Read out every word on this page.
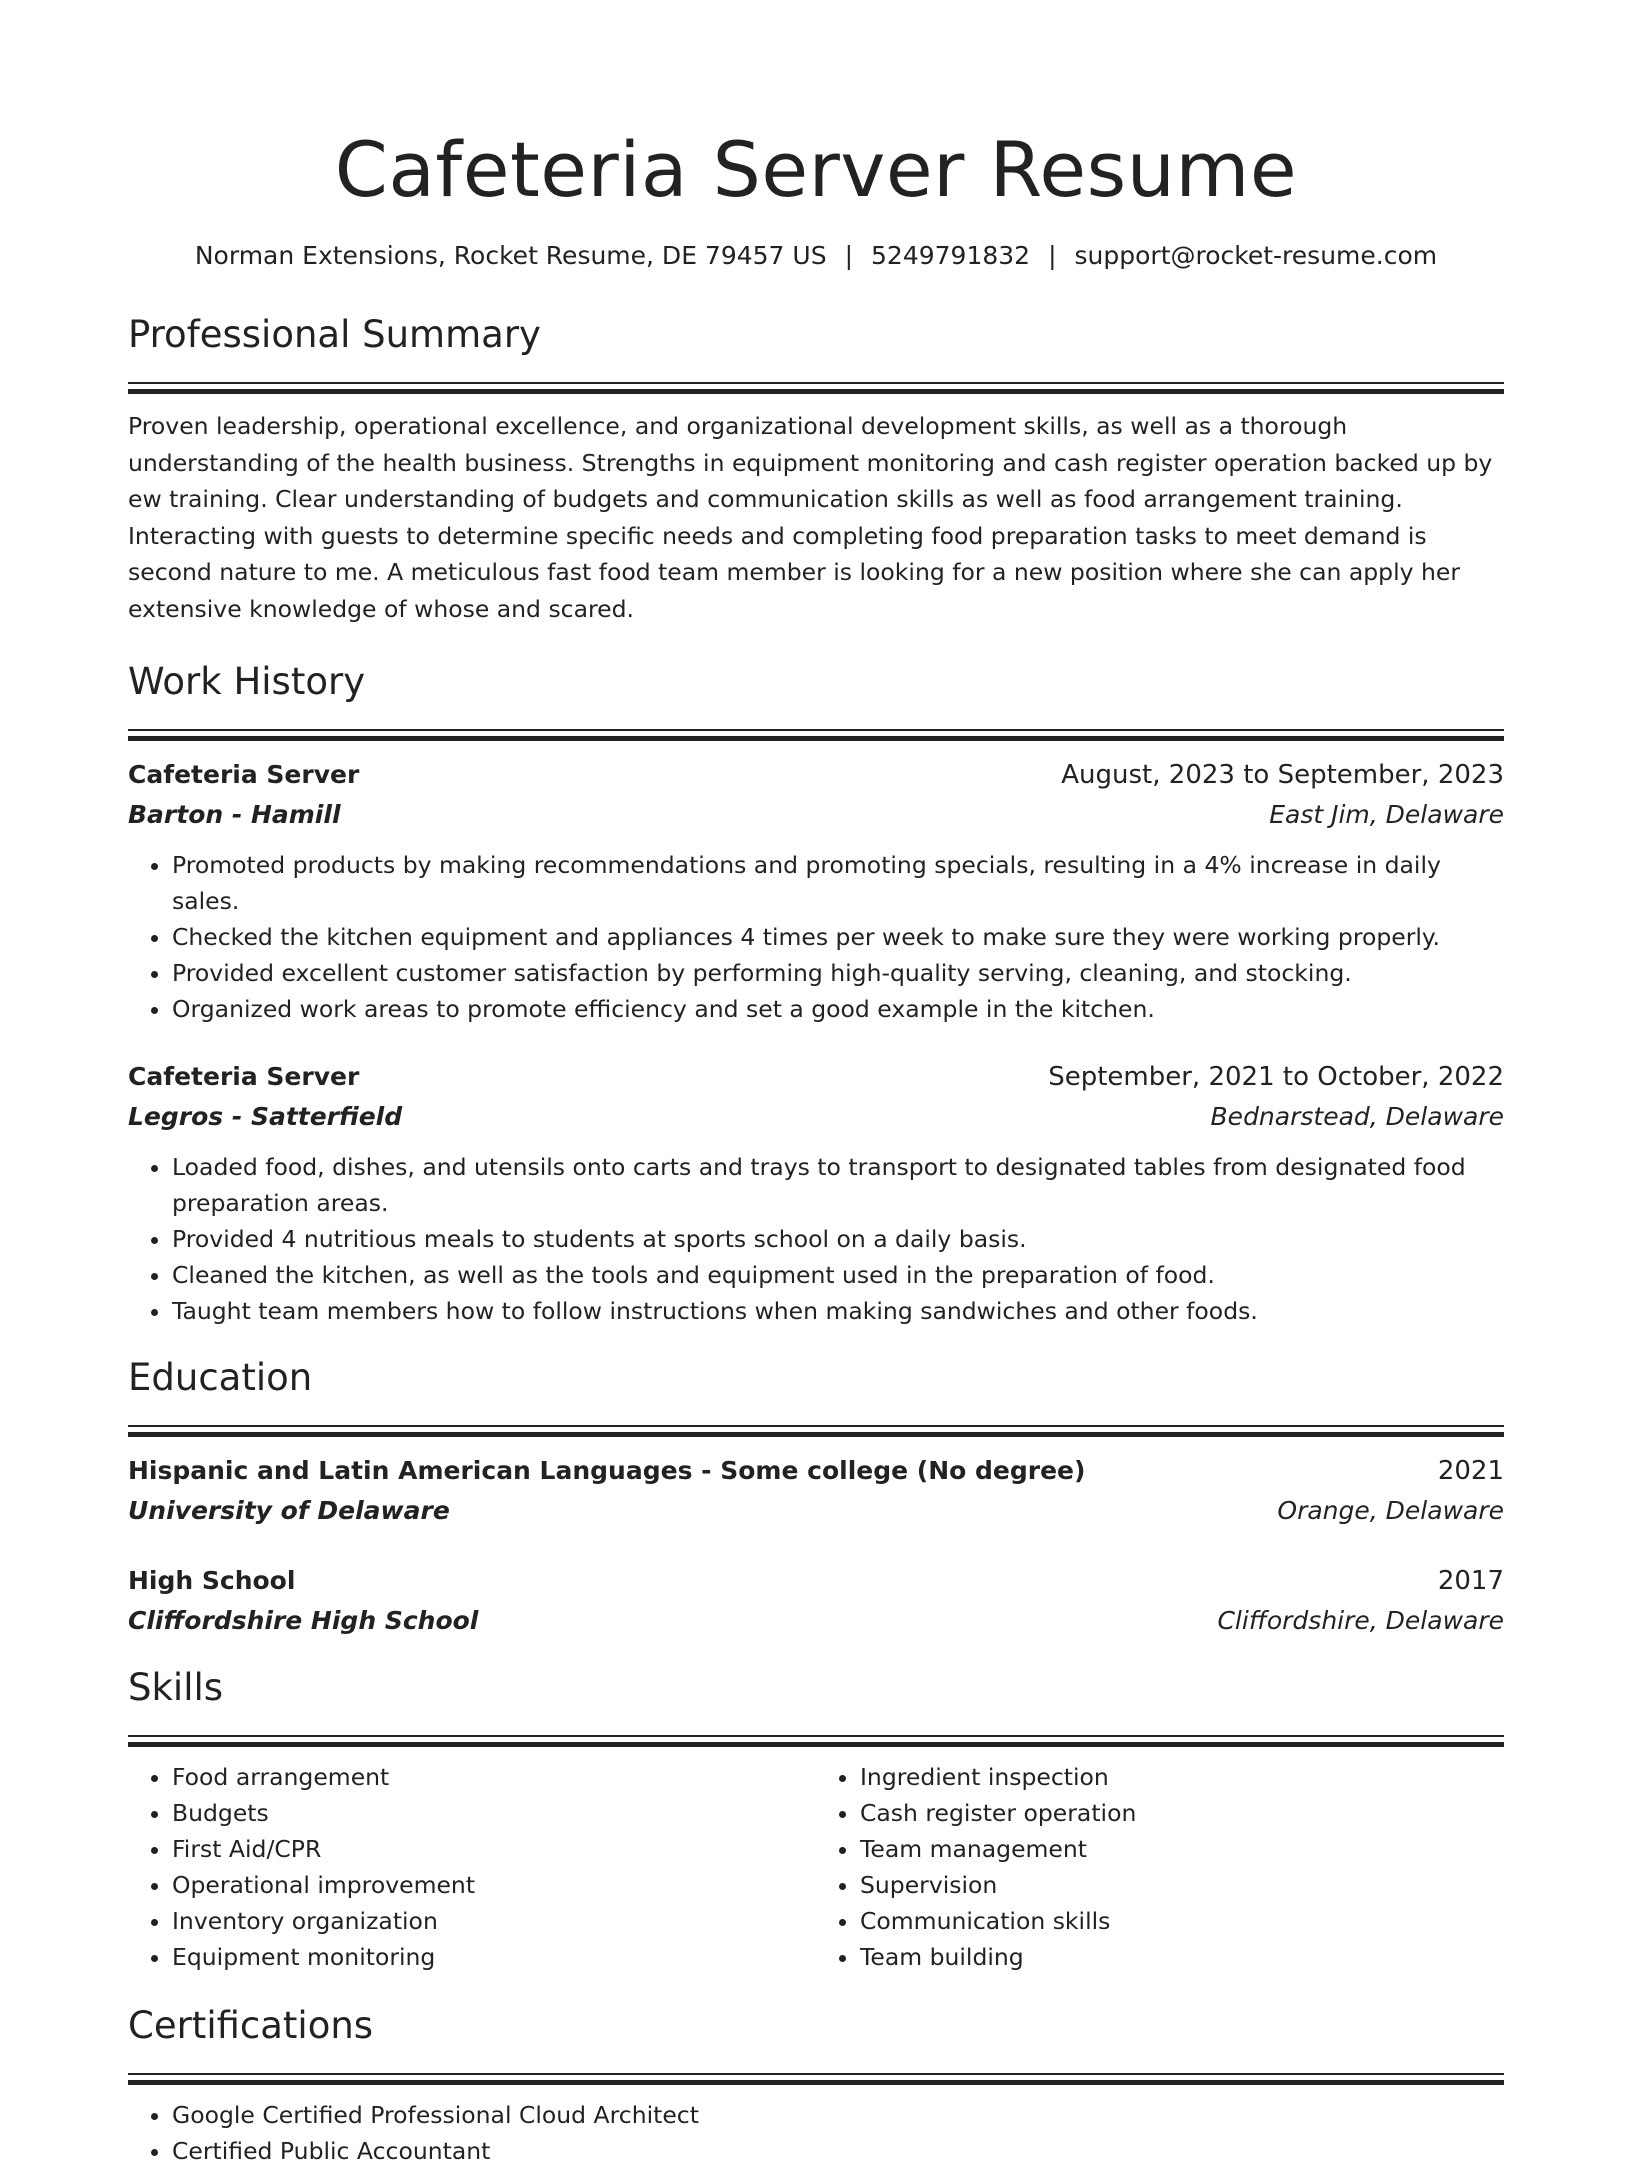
Cafeteria Server Resume
Norman Extensions, Rocket Resume, DE 79457 US | 5249791832 | support@rocket-resume.com
Professional Summary
Proven leadership, operational excellence, and organizational development skills, as well as a thorough understanding of the health business. Strengths in equipment monitoring and cash register operation backed up by ew training. Clear understanding of budgets and communication skills as well as food arrangement training. Interacting with guests to determine specific needs and completing food preparation tasks to meet demand is second nature to me. A meticulous fast food team member is looking for a new position where she can apply her extensive knowledge of whose and scared.
Work History
Cafeteria Server	August, 2023 to September, 2023
Barton - Hamill	East Jim, Delaware
• Promoted products by making recommendations and promoting specials, resulting in a 4% increase in daily sales.
• Checked the kitchen equipment and appliances 4 times per week to make sure they were working properly.
• Provided excellent customer satisfaction by performing high-quality serving, cleaning, and stocking.
• Organized work areas to promote efficiency and set a good example in the kitchen.
Cafeteria Server	September, 2021 to October, 2022
Legros - Satterfield	Bednarstead, Delaware
• Loaded food, dishes, and utensils onto carts and trays to transport to designated tables from designated food preparation areas.
• Provided 4 nutritious meals to students at sports school on a daily basis.
• Cleaned the kitchen, as well as the tools and equipment used in the preparation of food.
• Taught team members how to follow instructions when making sandwiches and other foods.
Education
Hispanic and Latin American Languages - Some college (No degree)	2021
University of Delaware	Orange, Delaware
High School	2017
Cliffordshire High School	Cliffordshire, Delaware
Skills
• Food arrangement
• Budgets
• First Aid/CPR
• Operational improvement
• Inventory organization
• Equipment monitoring
• Ingredient inspection
• Cash register operation
• Team management
• Supervision
• Communication skills
• Team building
Certifications
• Google Certified Professional Cloud Architect
• Certified Public Accountant
